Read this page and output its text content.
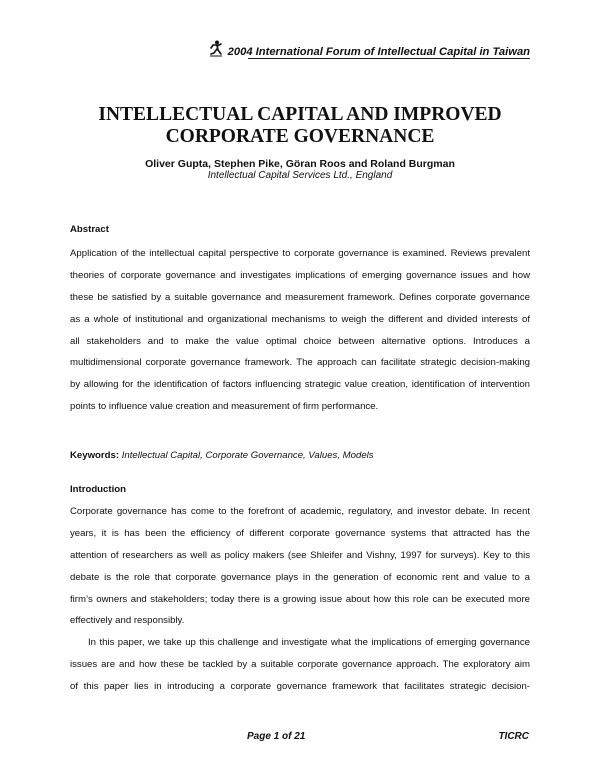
2004 International Forum of Intellectual Capital in Taiwan
INTELLECTUAL CAPITAL AND IMPROVED
CORPORATE GOVERNANCE
Oliver Gupta, Stephen Pike, Göran Roos and Roland Burgman
Intellectual Capital Services Ltd., England
Abstract
Application of the intellectual capital perspective to corporate governance is examined. Reviews prevalent
theories of corporate governance and investigates implications of emerging governance issues and how
these be satisfied by a suitable governance and measurement framework. Defines corporate governance
as a whole of institutional and organizational mechanisms to weigh the different and divided interests of
all stakeholders and to make the value optimal choice between alternative options. Introduces a
multidimensional corporate governance framework. The approach can facilitate strategic decision-making
by allowing for the identification of factors influencing strategic value creation, identification of intervention
points to influence value creation and measurement of firm performance.
Keywords: Intellectual Capital, Corporate Governance, Values, Models
Introduction
Corporate governance has come to the forefront of academic, regulatory, and investor debate. In recent
years, it is has been the efficiency of different corporate governance systems that attracted has the
attention of researchers as well as policy makers (see Shleifer and Vishny, 1997 for surveys). Key to this
debate is the role that corporate governance plays in the generation of economic rent and value to a
firm’s owners and stakeholders; today there is a growing issue about how this role can be executed more
effectively and responsibly.
In this paper, we take up this challenge and investigate what the implications of emerging governance
issues are and how these be tackled by a suitable corporate governance approach. The exploratory aim
of this paper lies in introducing a corporate governance framework that facilitates strategic decision-
Page 1 of 21	TICRC
